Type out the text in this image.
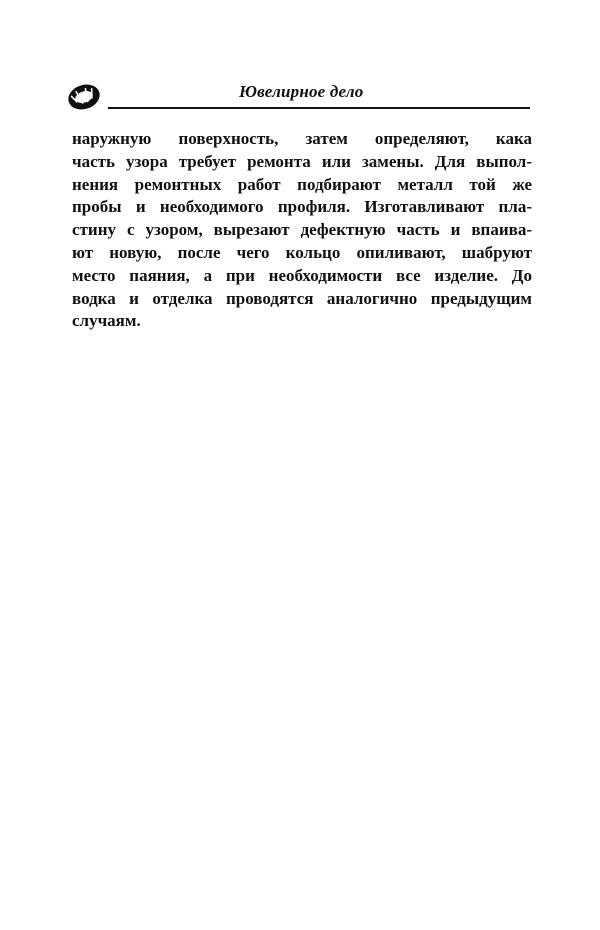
Ювелирное дело
наружную поверхность, затем определяют, кака
часть узора требует ремонта или замены. Для выпол-
нения ремонтных работ подбирают металл той же
пробы и необходимого профиля. Изготавливают пла-
стину с узором, вырезают дефектную часть и впаива-
ют новую, после чего кольцо опиливают, шабруют
место паяния, а при необходимости все изделие. До
водка и отделка проводятся аналогично предыдущим
случаям.
